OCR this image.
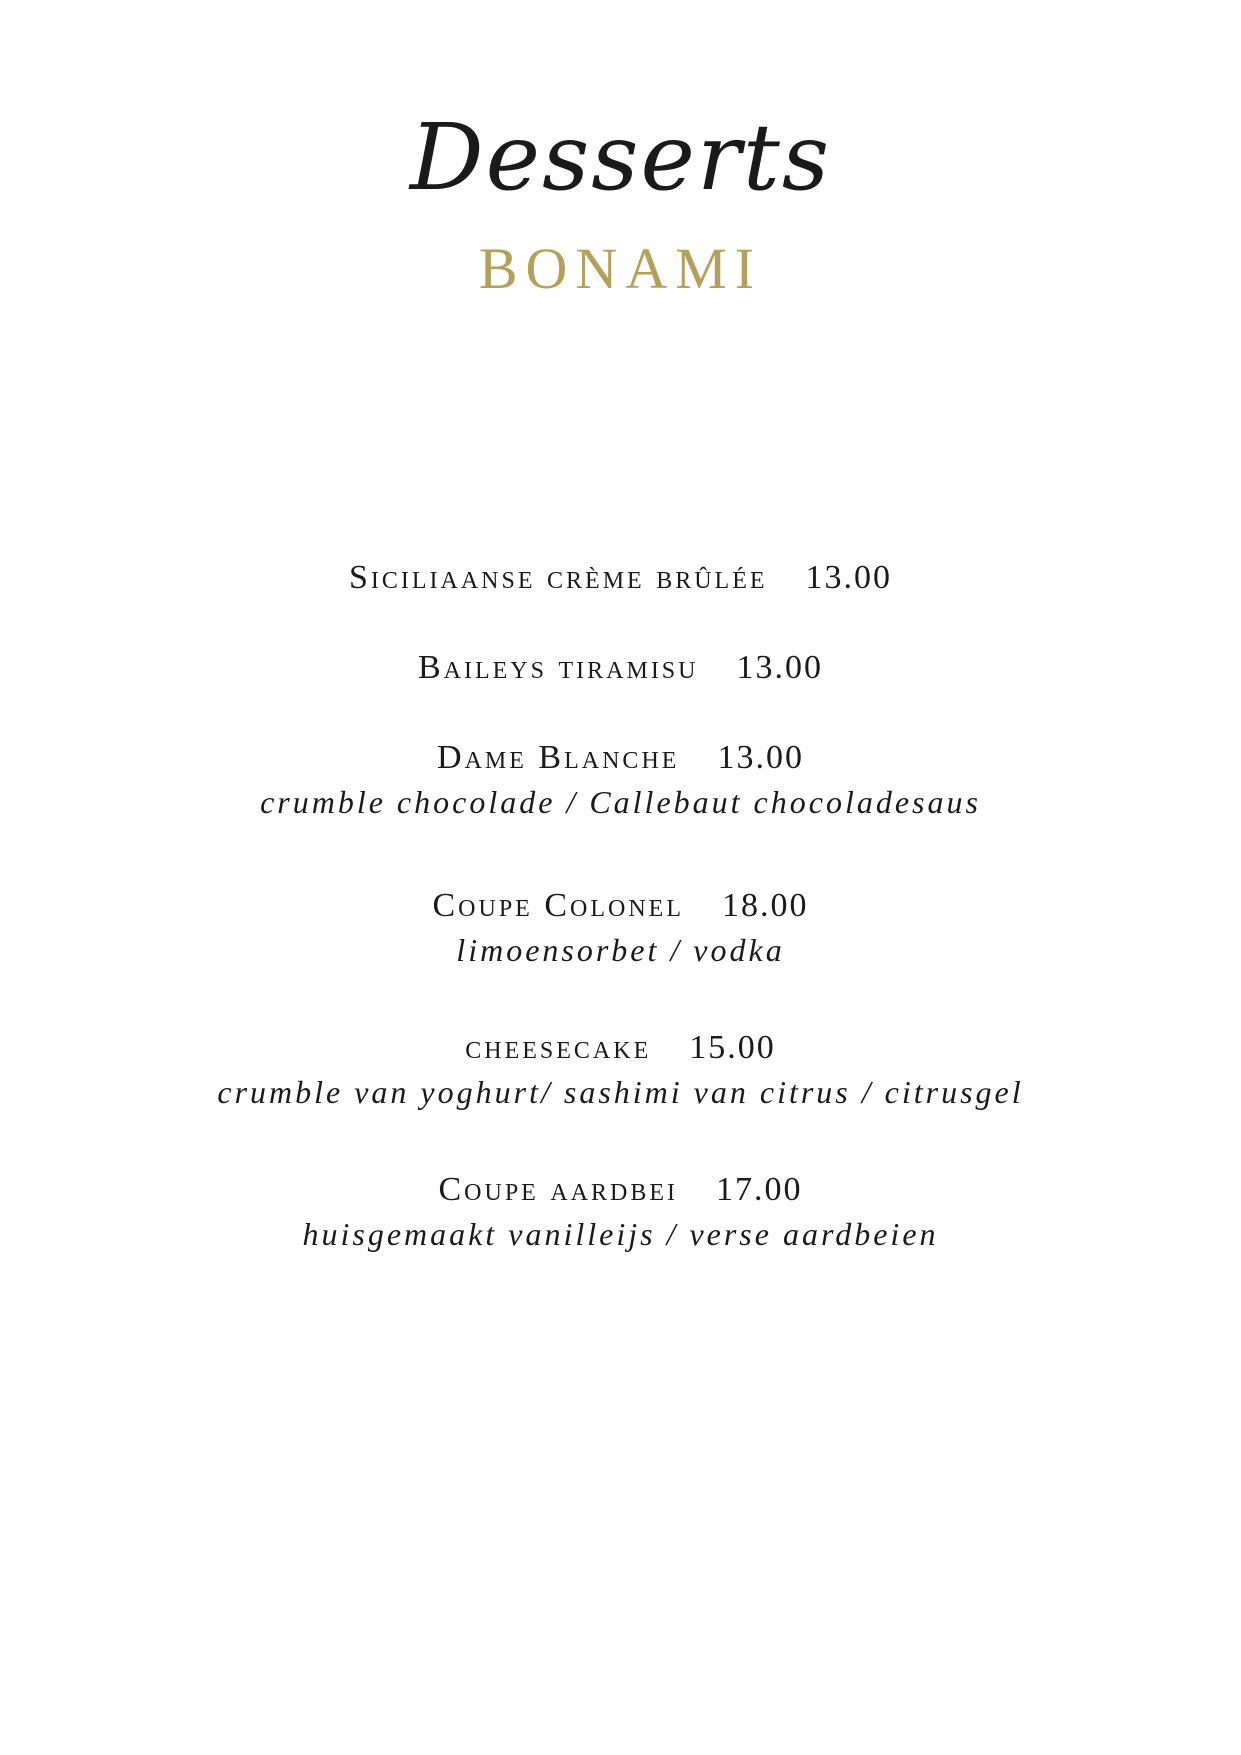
Desserts
BONAMI
Siciliaanse crème brûlée 13.00
Baileys tiramisu 13.00
Dame Blanche 13.00
crumble chocolade / Callebaut chocoladesaus
Coupe Colonel 18.00
limoensorbet / vodka
cheesecake 15.00
crumble van yoghurt/ sashimi van citrus / citrusgel
Coupe aardbei 17.00
huisgemaakt vanilleijs / verse aardbeien
